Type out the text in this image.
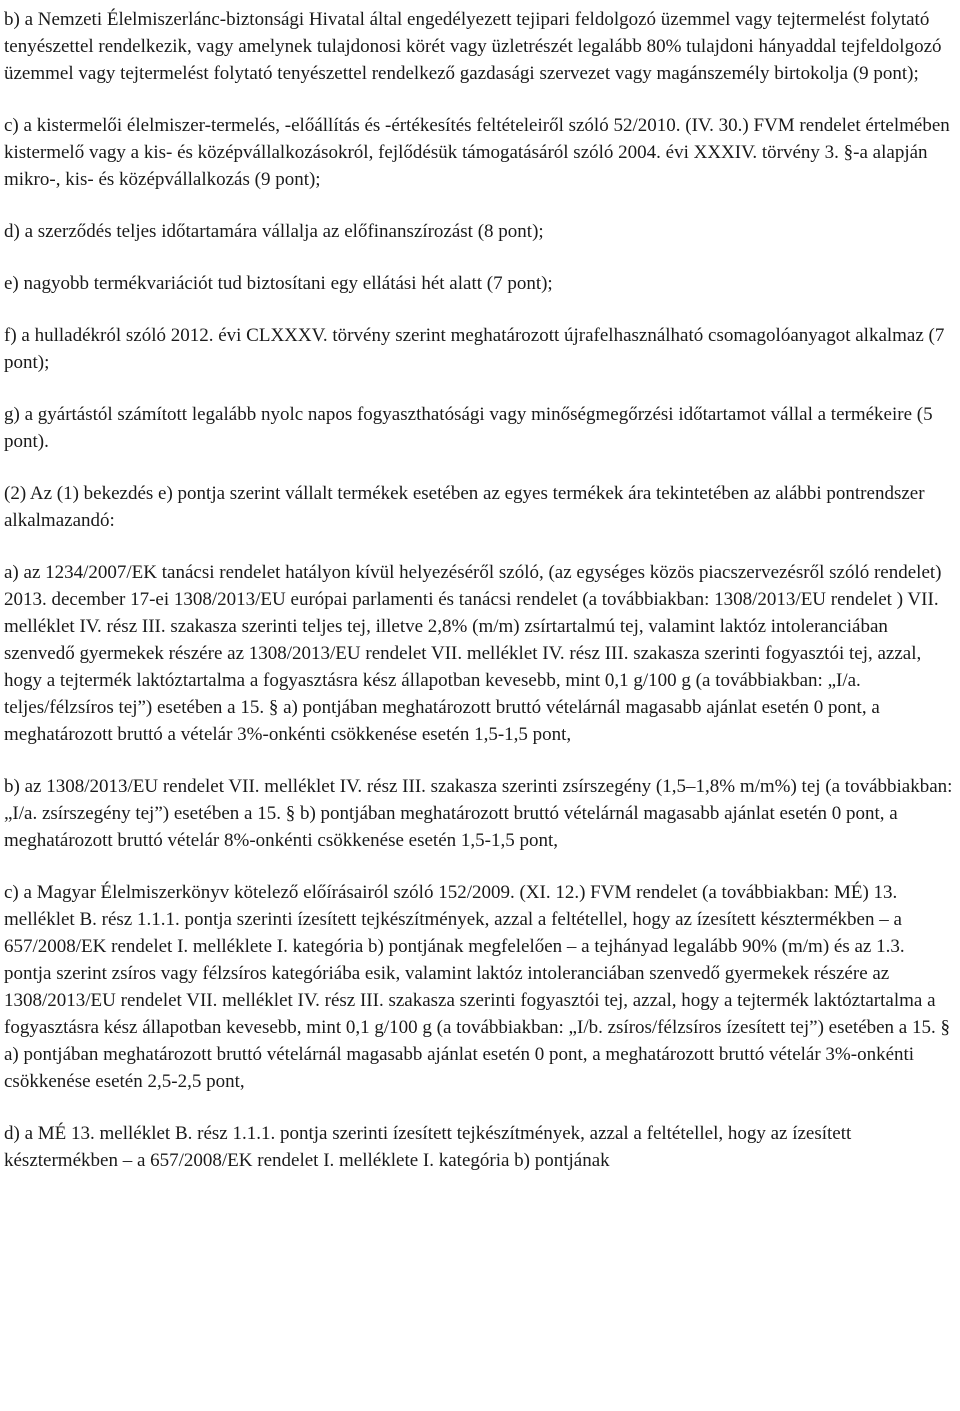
b) a Nemzeti Élelmiszerlánc-biztonsági Hivatal által engedélyezett tejipari feldolgozó üzemmel vagy tejtermelést folytató tenyészettel rendelkezik, vagy amelynek tulajdonosi körét vagy üzletrészét legalább 80% tulajdoni hányaddal tejfeldolgozó üzemmel vagy tejtermelést folytató tenyészettel rendelkező gazdasági szervezet vagy magánszemély birtokolja (9 pont);

c) a kistermelői élelmiszer-termelés, -előállítás és -értékesítés feltételeiről szóló 52/2010. (IV. 30.) FVM rendelet értelmében kistermelő vagy a kis- és középvállalkozásokról, fejlődésük támogatásáról szóló 2004. évi XXXIV. törvény 3. §-a alapján mikro-, kis- és középvállalkozás (9 pont);

d) a szerződés teljes időtartamára vállalja az előfinanszírozást (8 pont);

e) nagyobb termékvariációt tud biztosítani egy ellátási hét alatt (7 pont);

f) a hulladékról szóló 2012. évi CLXXXV. törvény szerint meghatározott újrafelhasználható csomagolóanyagot alkalmaz (7 pont);

g) a gyártástól számított legalább nyolc napos fogyaszthatósági vagy minőségmegőrzési időtartamot vállal a termékeire (5 pont).

(2) Az (1) bekezdés e) pontja szerint vállalt termékek esetében az egyes termékek ára tekintetében az alábbi pontrendszer alkalmazandó:

a) az 1234/2007/EK tanácsi rendelet hatályon kívül helyezéséről szóló, (az egységes közös piacszervezésről szóló rendelet) 2013. december 17-ei 1308/2013/EU európai parlamenti és tanácsi rendelet (a továbbiakban: 1308/2013/EU rendelet ) VII. melléklet IV. rész III. szakasza szerinti teljes tej, illetve 2,8% (m/m) zsírtartalmú tej, valamint laktóz intoleranciában szenvedő gyermekek részére az 1308/2013/EU rendelet VII. melléklet IV. rész III. szakasza szerinti fogyasztói tej, azzal, hogy a tejtermék laktóztartalma a fogyasztásra kész állapotban kevesebb, mint 0,1 g/100 g (a továbbiakban: „I/a. teljes/félzsíros tej”) esetében a 15. § a) pontjában meghatározott bruttó vételárnál magasabb ajánlat esetén 0 pont, a meghatározott bruttó a vételár 3%-onkénti csökkenése esetén 1,5-1,5 pont,

b) az 1308/2013/EU rendelet VII. melléklet IV. rész III. szakasza szerinti zsírszegény (1,5–1,8% m/m%) tej (a továbbiakban: „I/a. zsírszegény tej”) esetében a 15. § b) pontjában meghatározott bruttó vételárnál magasabb ajánlat esetén 0 pont, a meghatározott bruttó vételár 8%-onkénti csökkenése esetén 1,5-1,5 pont,

c) a Magyar Élelmiszerkönyv kötelező előírásairól szóló 152/2009. (XI. 12.) FVM rendelet (a továbbiakban: MÉ) 13. melléklet B. rész 1.1.1. pontja szerinti ízesített tejkészítmények, azzal a feltétellel, hogy az ízesített késztermékben – a 657/2008/EK rendelet I. melléklete I. kategória b) pontjának megfelelően – a tejhányad legalább 90% (m/m) és az 1.3. pontja szerint zsíros vagy félzsíros kategóriába esik, valamint laktóz intoleranciában szenvedő gyermekek részére az 1308/2013/EU rendelet VII. melléklet IV. rész III. szakasza szerinti fogyasztói tej, azzal, hogy a tejtermék laktóztartalma a fogyasztásra kész állapotban kevesebb, mint 0,1 g/100 g (a továbbiakban: „I/b. zsíros/félzsíros ízesített tej”) esetében a 15. § a) pontjában meghatározott bruttó vételárnál magasabb ajánlat esetén 0 pont, a meghatározott bruttó vételár 3%-onkénti csökkenése esetén 2,5-2,5 pont,

d) a MÉ 13. melléklet B. rész 1.1.1. pontja szerinti ízesített tejkészítmények, azzal a feltétellel, hogy az ízesített késztermékben – a 657/2008/EK rendelet I. melléklete I. kategória b) pontjának
